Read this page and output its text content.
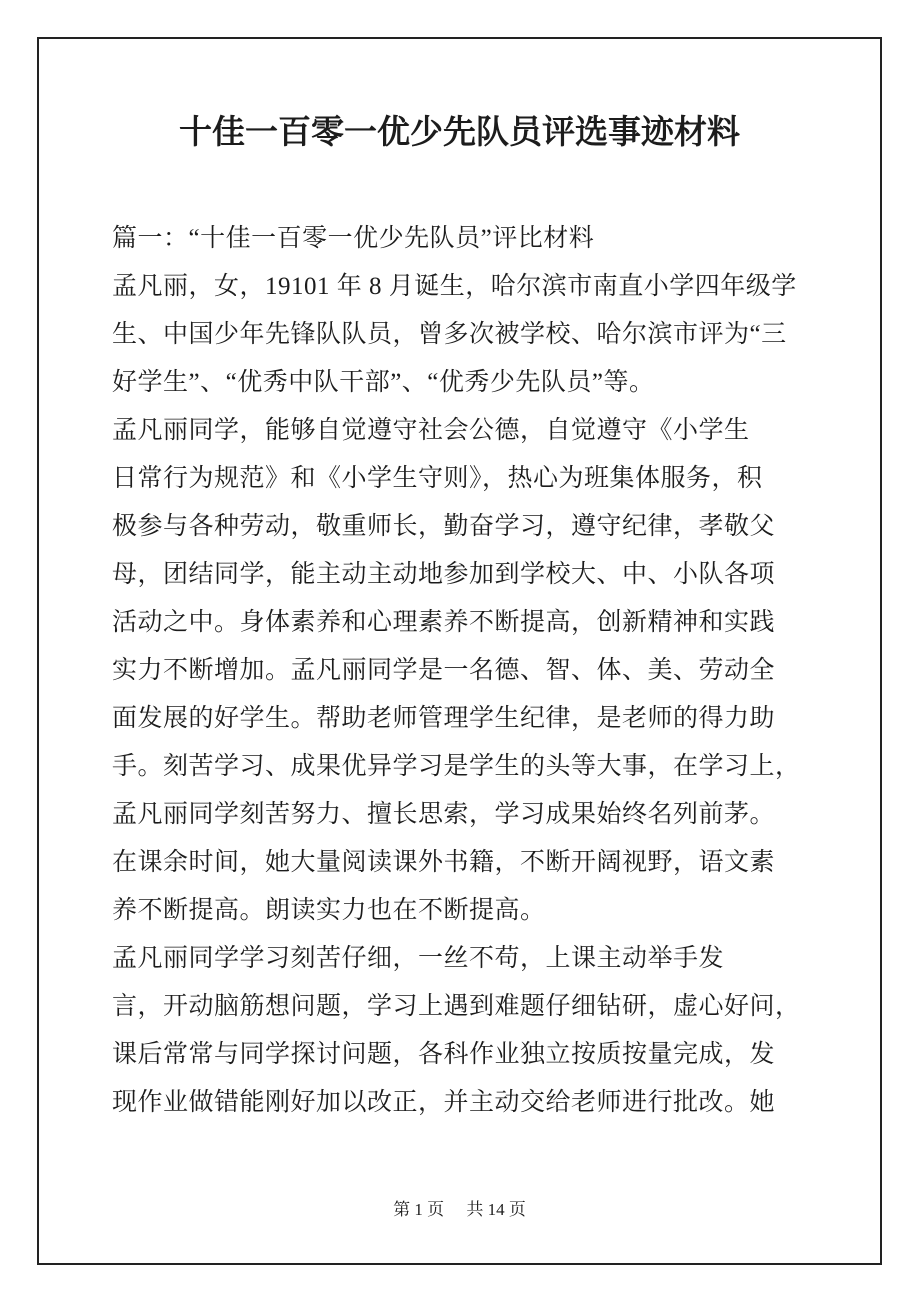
十佳一百零一优少先队员评选事迹材料
篇一：“十佳一百零一优少先队员”评比材料
孟凡丽，女，19101 年 8 月诞生，哈尔滨市南直小学四年级学
生、中国少年先锋队队员，曾多次被学校、哈尔滨市评为“三
好学生”、“优秀中队干部”、“优秀少先队员”等。
孟凡丽同学，能够自觉遵守社会公德，自觉遵守《小学生
日常行为规范》和《小学生守则》，热心为班集体服务，积
极参与各种劳动，敬重师长，勤奋学习，遵守纪律，孝敬父
母，团结同学，能主动主动地参加到学校大、中、小队各项
活动之中。身体素养和心理素养不断提高，创新精神和实践
实力不断增加。孟凡丽同学是一名德、智、体、美、劳动全
面发展的好学生。帮助老师管理学生纪律，是老师的得力助
手。刻苦学习、成果优异学习是学生的头等大事，在学习上，
孟凡丽同学刻苦努力、擅长思索，学习成果始终名列前茅。
在课余时间，她大量阅读课外书籍，不断开阔视野，语文素
养不断提高。朗读实力也在不断提高。
孟凡丽同学学习刻苦仔细，一丝不苟，上课主动举手发
言，开动脑筋想问题，学习上遇到难题仔细钻研，虚心好问，
课后常常与同学探讨问题，各科作业独立按质按量完成，发
现作业做错能刚好加以改正，并主动交给老师进行批改。她
第 1 页 共 14 页
